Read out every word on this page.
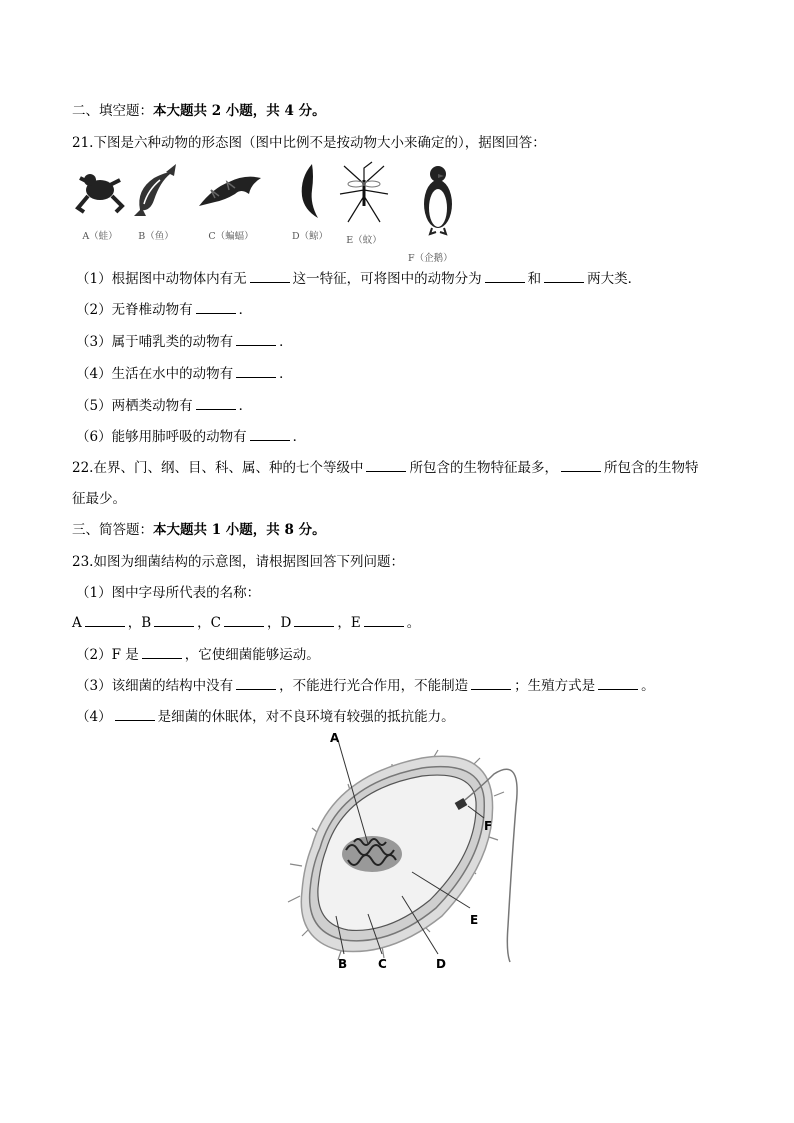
二、填空题：本大题共 2 小题，共 4 分。
21.下图是六种动物的形态图（图中比例不是按动物大小来确定的），据图回答：
A（蛙）	B（鱼）	C（蝙蝠）	D（鲸）	E（蚊）
F（企鹅）
（1）根据图中动物体内有无	这一特征，可将图中的动物分为	和	两大类．
（2）无脊椎动物有	．
（3）属于哺乳类的动物有	．
（4）生活在水中的动物有	．
（5）两栖类动物有	．
（6）能够用肺呼吸的动物有	．
22.在界、门、纲、目、科、属、种的七个等级中	所包含的生物特征最多，	所包含的生物特
征最少。
三、简答题：本大题共 1 小题，共 8 分。
23.如图为细菌结构的示意图，请根据图回答下列问题：
（1）图中字母所代表的名称：
A	，B	，C	，D	，E	。
（2）F 是	，它使细菌能够运动。
（3）该细菌的结构中没有	，不能进行光合作用，不能制造	；生殖方式是	。
（4）	是细菌的休眠体，对不良环境有较强的抵抗能力。
A
F
E
B	C	D
